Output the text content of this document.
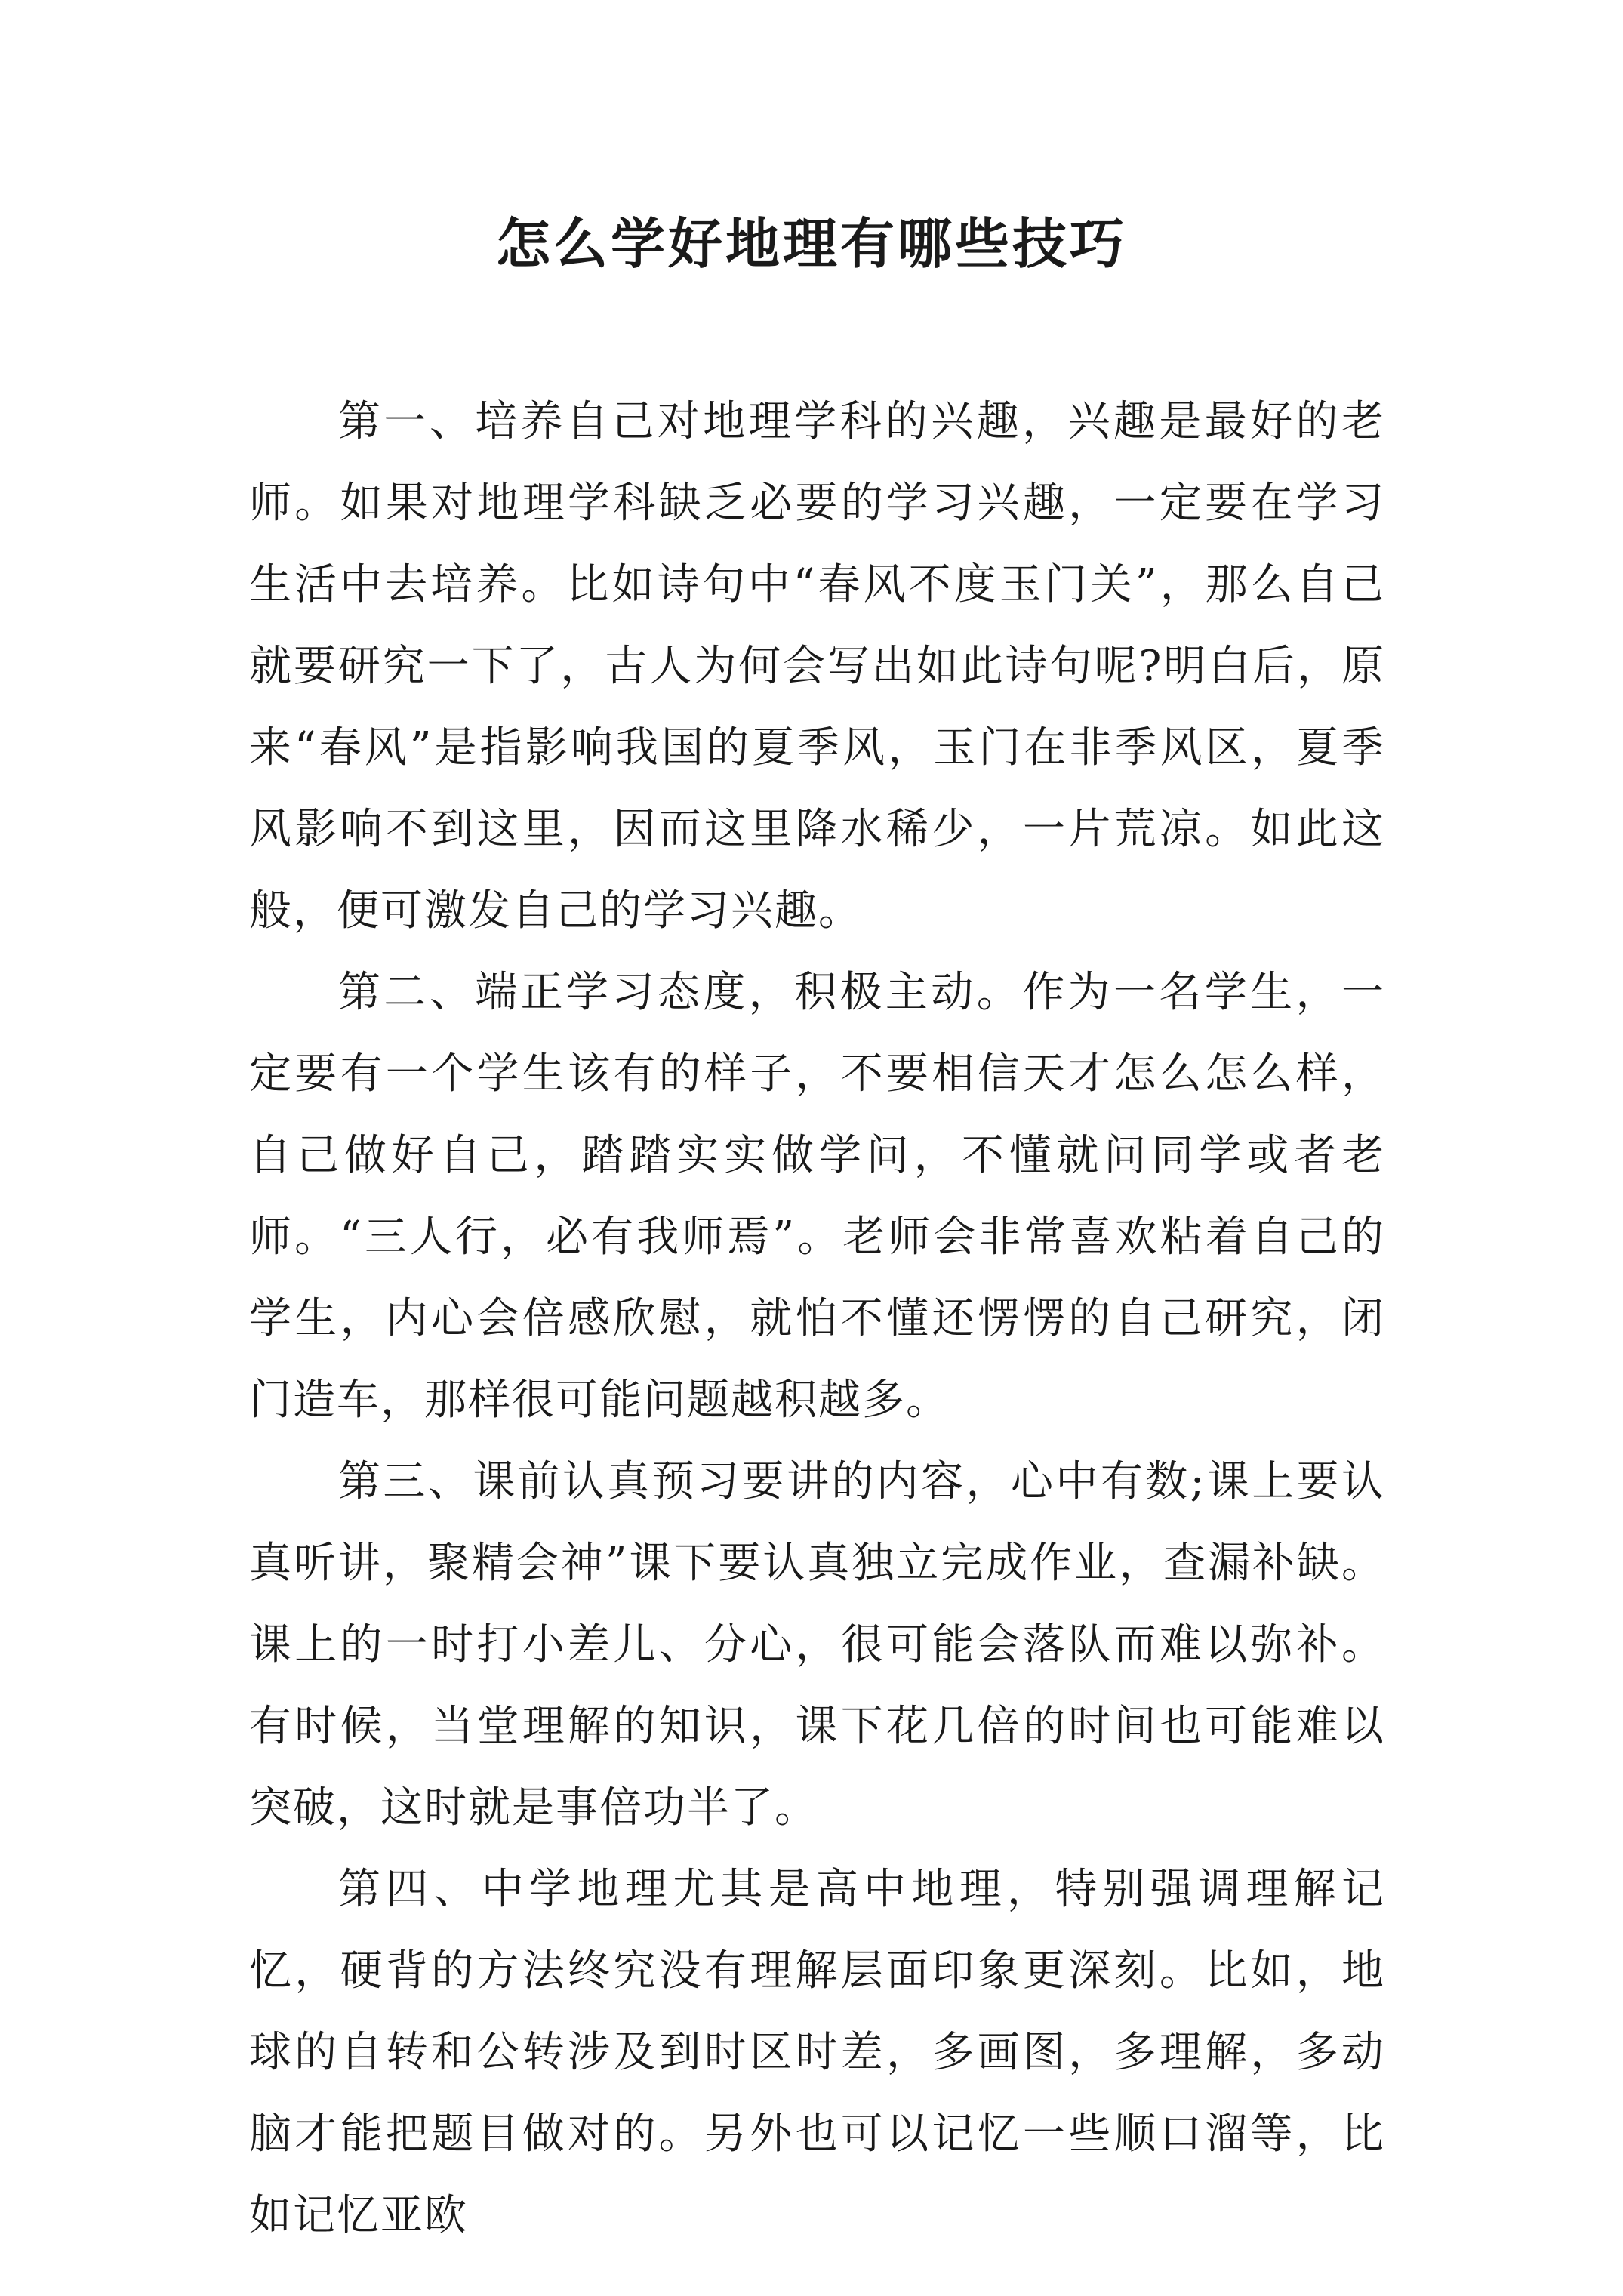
怎么学好地理有哪些技巧

第一、培养自己对地理学科的兴趣，兴趣是最好的老师。如果对地理学科缺乏必要的学习兴趣，一定要在学习生活中去培养。比如诗句中“春风不度玉门关”，那么自己就要研究一下了，古人为何会写出如此诗句呢?明白后，原来“春风”是指影响我国的夏季风，玉门在非季风区，夏季风影响不到这里，因而这里降水稀少，一片荒凉。如此这般，便可激发自己的学习兴趣。

第二、端正学习态度，积极主动。作为一名学生，一定要有一个学生该有的样子，不要相信天才怎么怎么样，自己做好自己，踏踏实实做学问，不懂就问同学或者老师。“三人行，必有我师焉”。老师会非常喜欢粘着自己的学生，内心会倍感欣慰，就怕不懂还愣愣的自己研究，闭门造车，那样很可能问题越积越多。

第三、课前认真预习要讲的内容，心中有数;课上要认真听讲，聚精会神”课下要认真独立完成作业，查漏补缺。课上的一时打小差儿、分心，很可能会落队而难以弥补。有时候，当堂理解的知识，课下花几倍的时间也可能难以突破，这时就是事倍功半了。

第四、中学地理尤其是高中地理，特别强调理解记忆，硬背的方法终究没有理解层面印象更深刻。比如，地球的自转和公转涉及到时区时差，多画图，多理解，多动脑才能把题目做对的。另外也可以记忆一些顺口溜等，比如记忆亚欧
